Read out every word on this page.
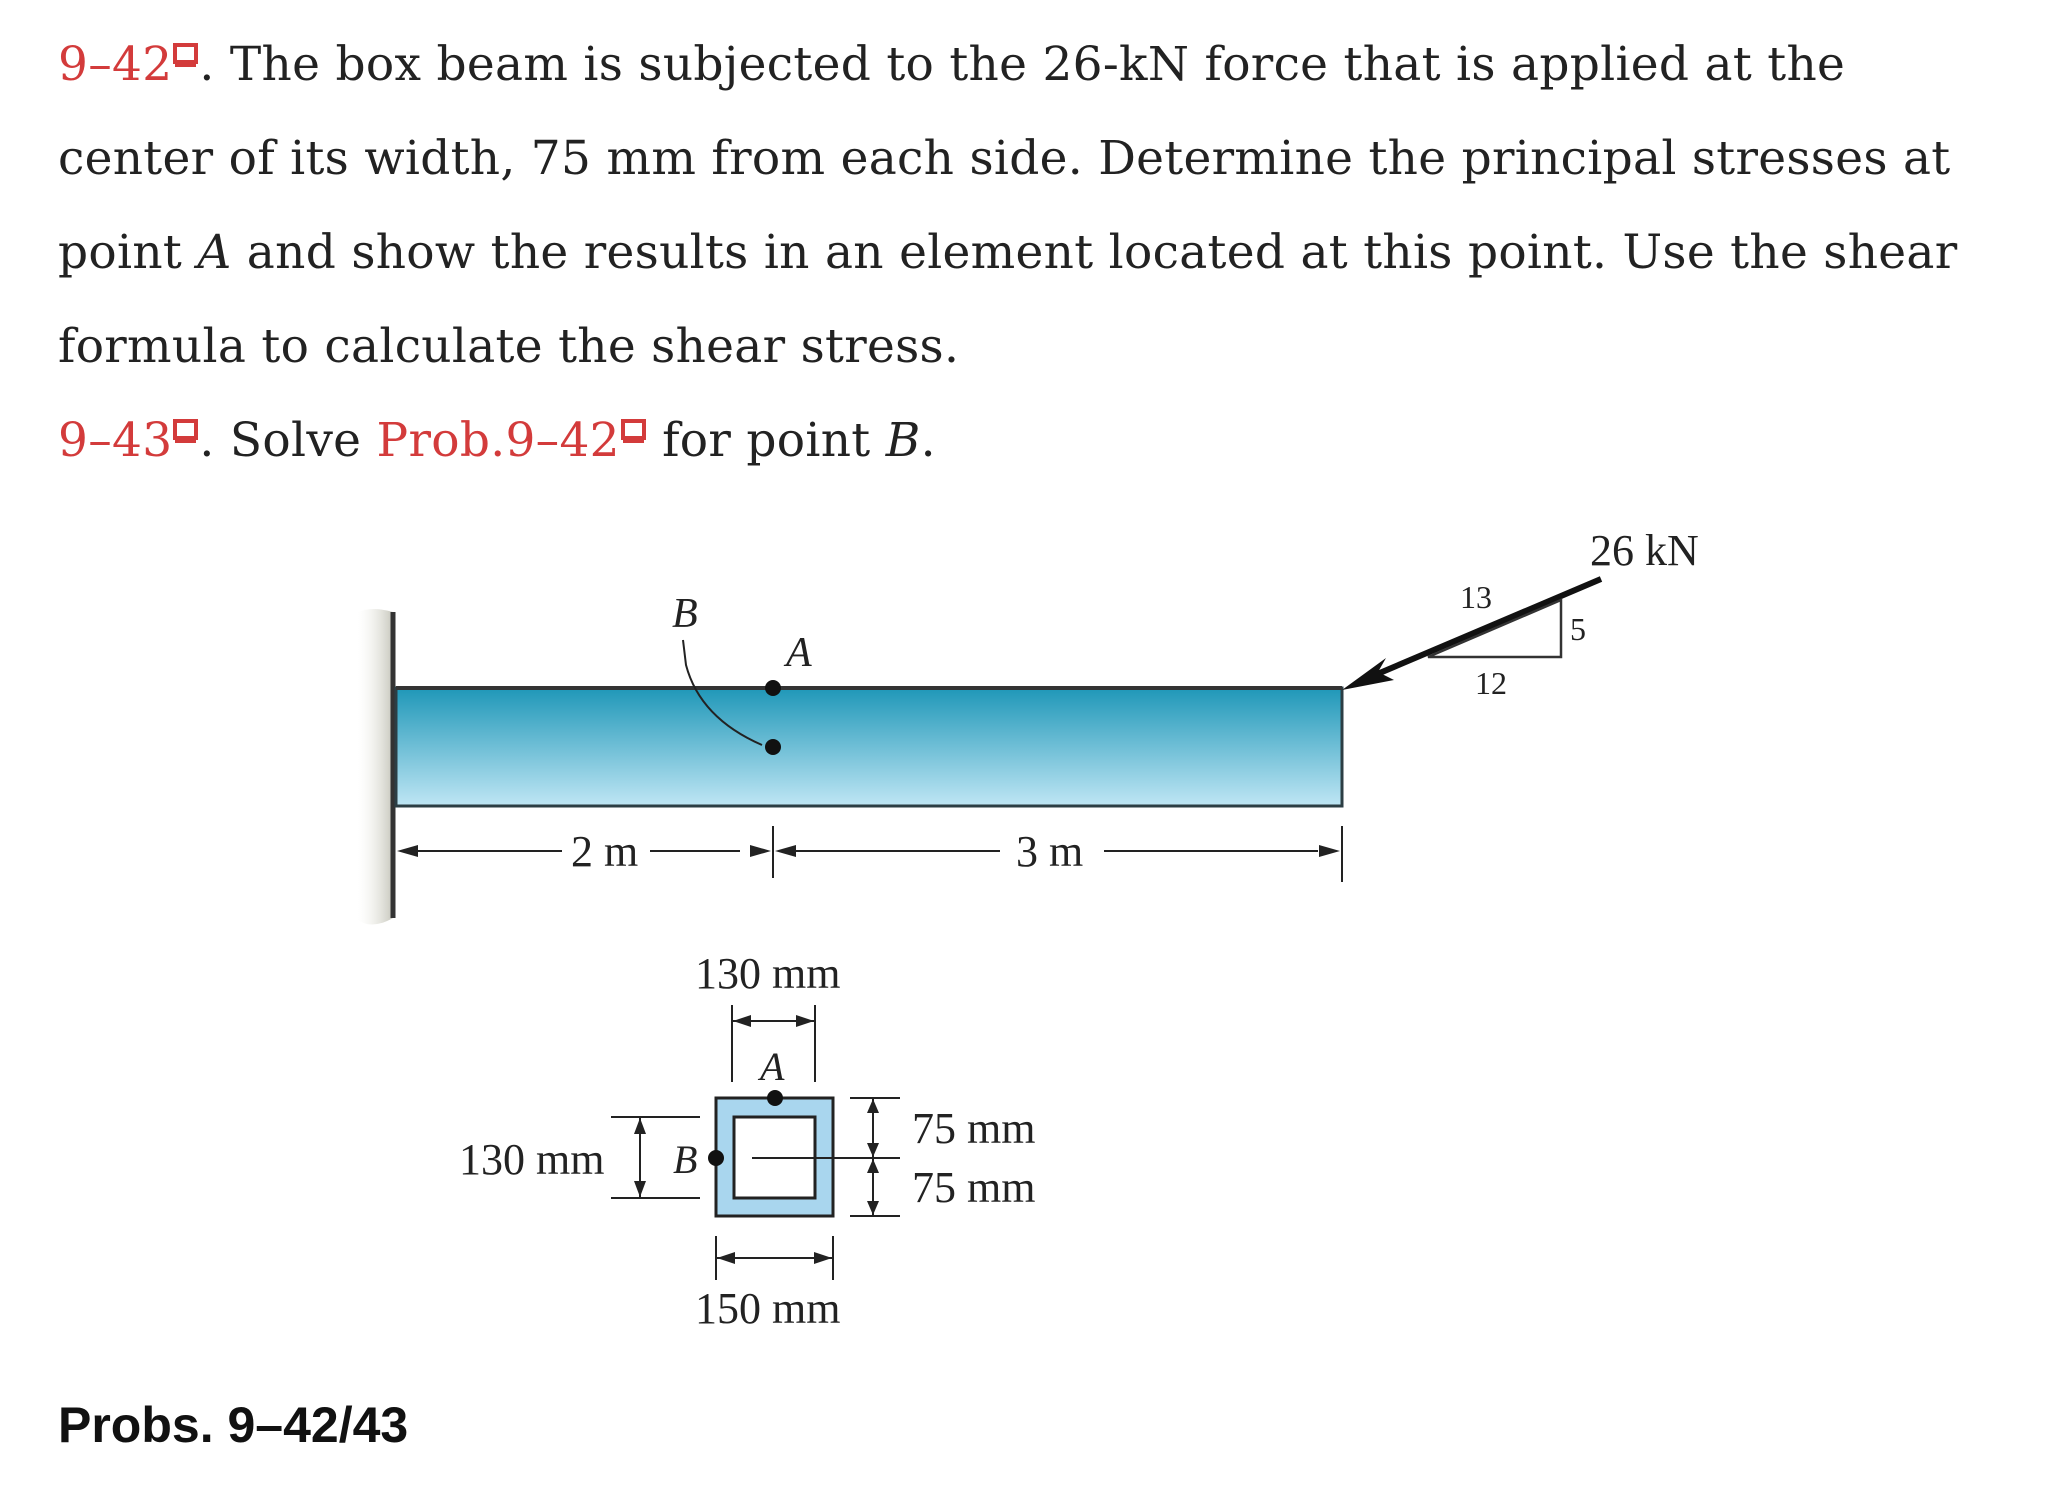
9–42 . The box beam is subjected to the 26-kN force that is applied at the center of its width, 75 mm from each side. Determine the principal stresses at point A and show the results in an element located at this point. Use the shear formula to calculate the shear stress.

9–43 . Solve Prob.9–42
for point B.

A
B
26 kN
13
12
5
2 m	3 m
130 mm
A
B
130 mm
150 mm
75 mm
75 mm
Probs. 9–42/43
